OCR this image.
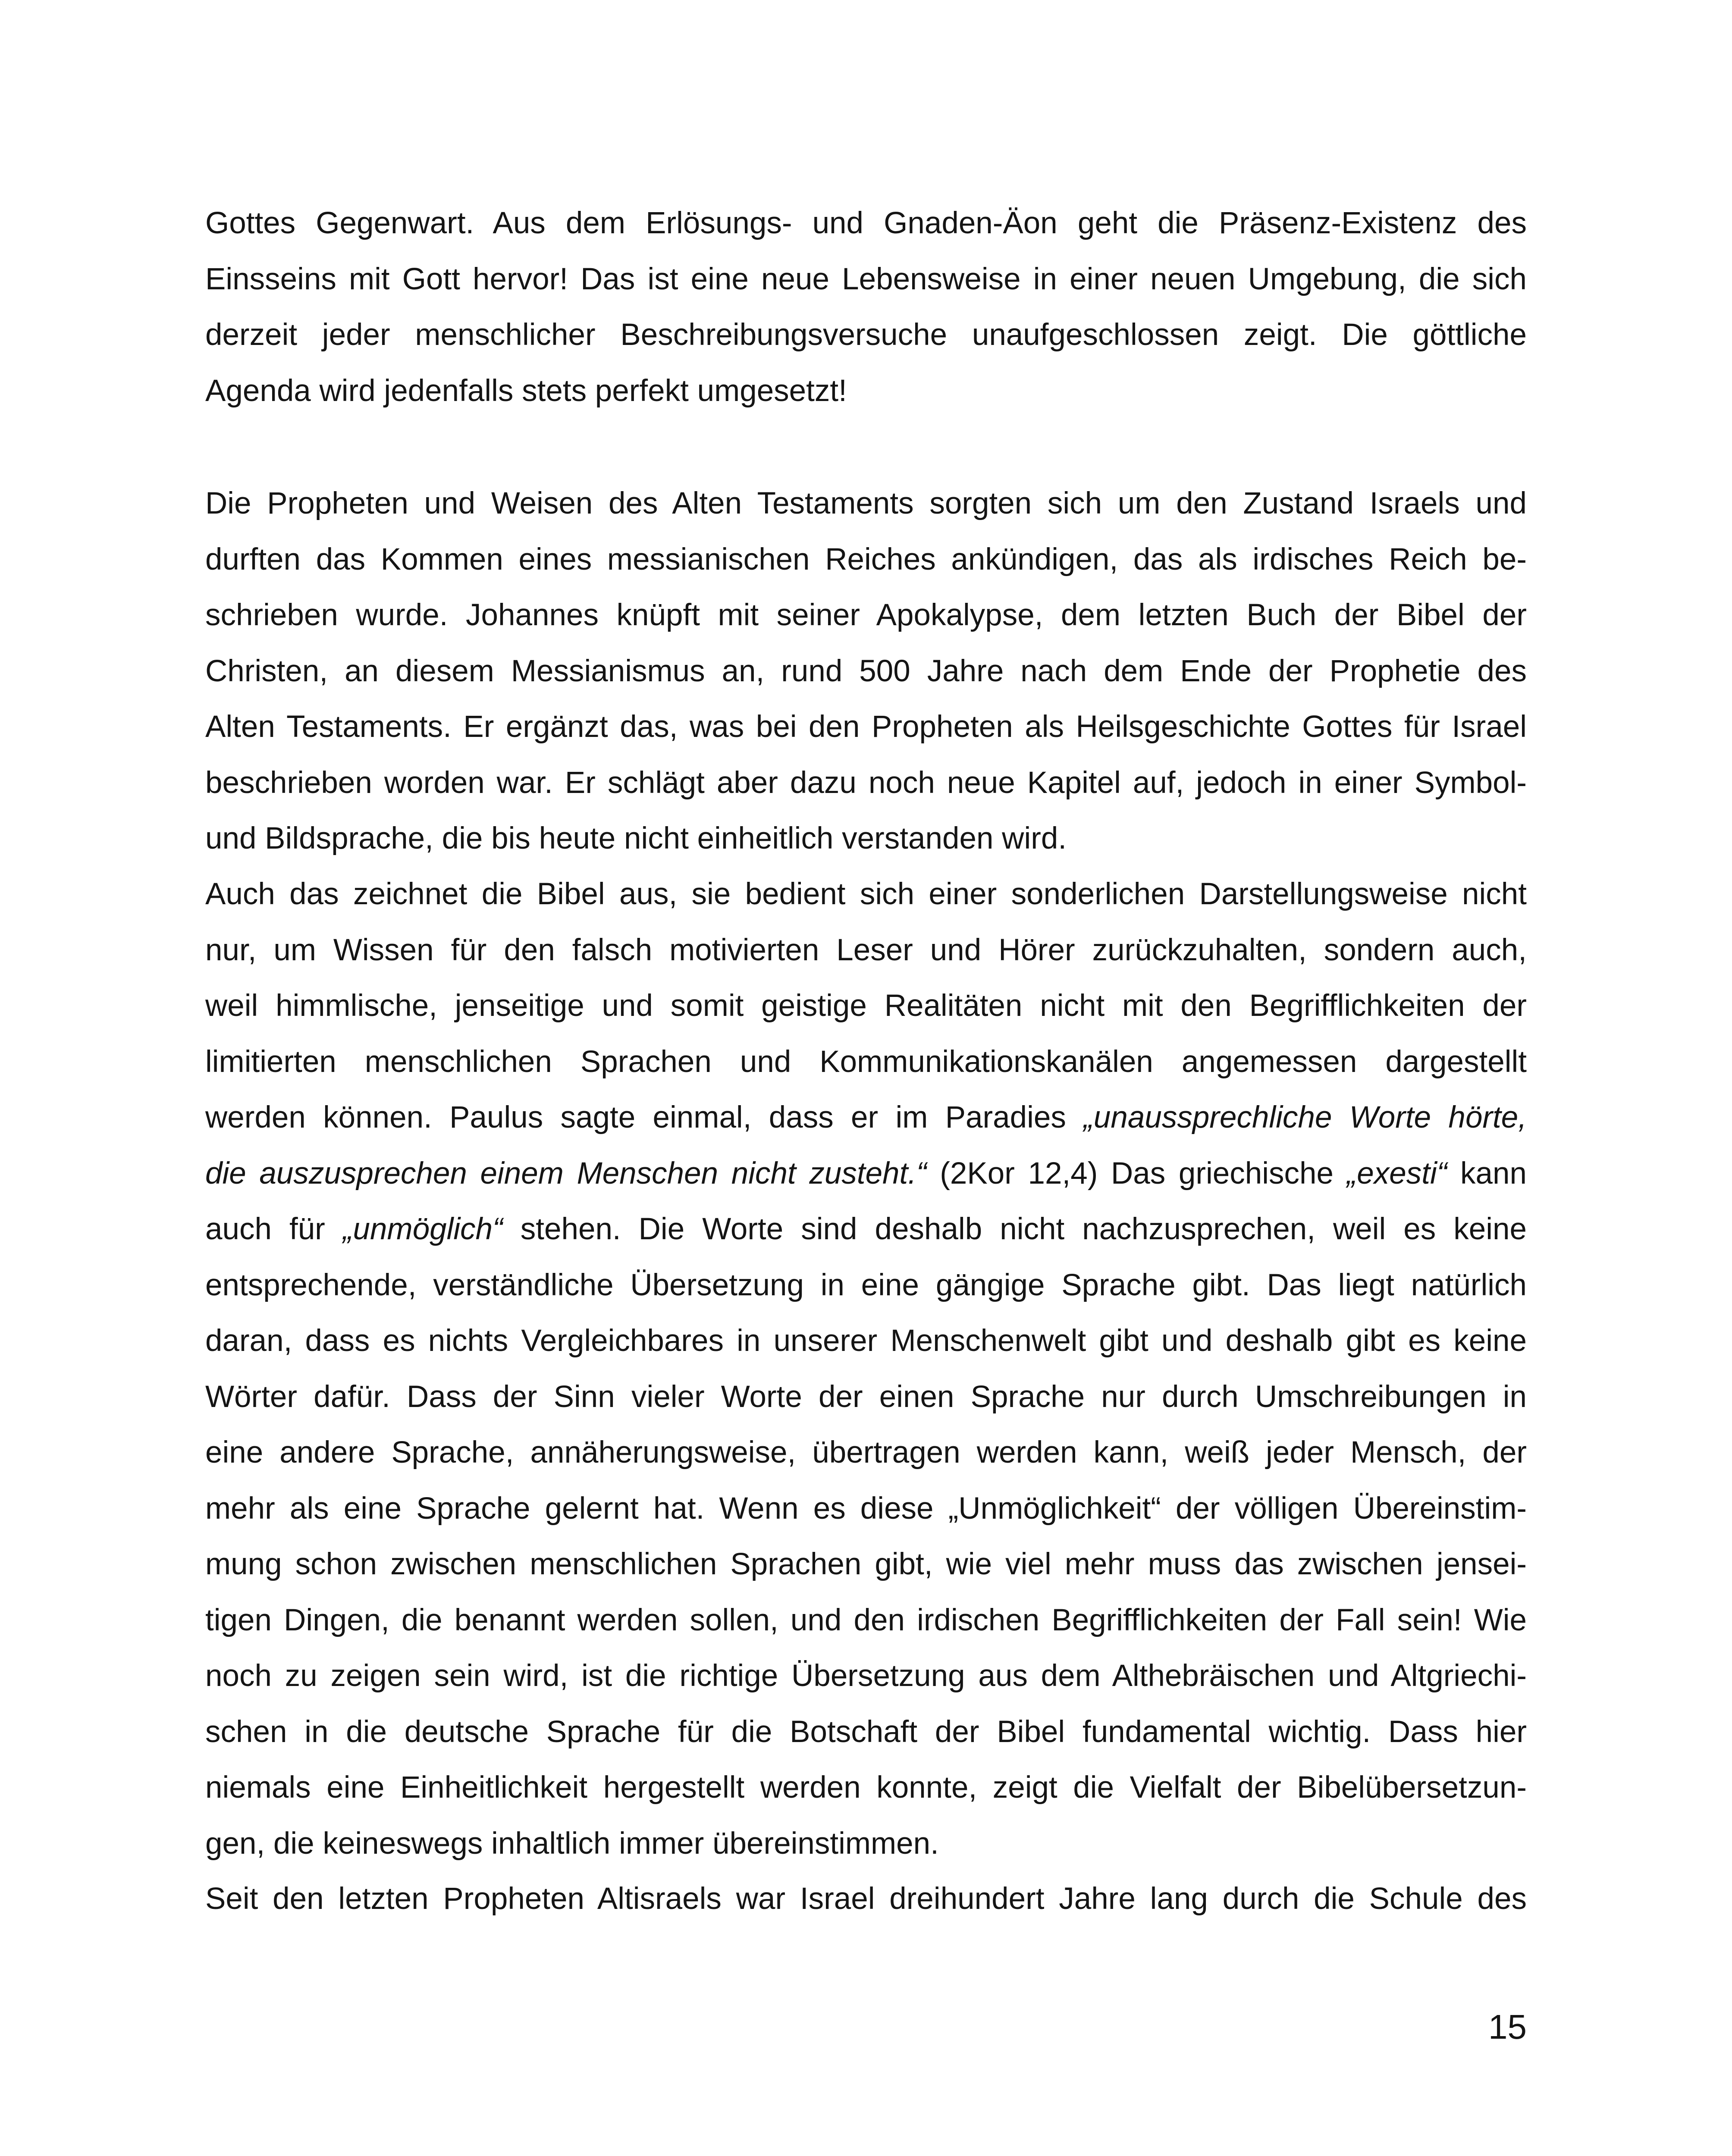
Gottes Gegenwart. Aus dem Erlösungs- und Gnaden-Äon geht die Präsenz-Existenz des
Einsseins mit Gott hervor! Das ist eine neue Lebensweise in einer neuen Umgebung, die sich
derzeit jeder menschlicher Beschreibungsversuche unaufgeschlossen zeigt. Die göttliche
Agenda wird jedenfalls stets perfekt umgesetzt!
Die Propheten und Weisen des Alten Testaments sorgten sich um den Zustand Israels und
durften das Kommen eines messianischen Reiches ankündigen, das als irdisches Reich be-
schrieben wurde. Johannes knüpft mit seiner Apokalypse, dem letzten Buch der Bibel der
Christen, an diesem Messianismus an, rund 500 Jahre nach dem Ende der Prophetie des
Alten Testaments. Er ergänzt das, was bei den Propheten als Heilsgeschichte Gottes für Israel
beschrieben worden war. Er schlägt aber dazu noch neue Kapitel auf, jedoch in einer Symbol-
und Bildsprache, die bis heute nicht einheitlich verstanden wird.
Auch das zeichnet die Bibel aus, sie bedient sich einer sonderlichen Darstellungsweise nicht
nur, um Wissen für den falsch motivierten Leser und Hörer zurückzuhalten, sondern auch,
weil himmlische, jenseitige und somit geistige Realitäten nicht mit den Begrifflichkeiten der
limitierten menschlichen Sprachen und Kommunikationskanälen angemessen dargestellt
werden können. Paulus sagte einmal, dass er im Paradies „unaussprechliche Worte hörte,
die auszusprechen einem Menschen nicht zusteht.“ (2Kor 12,4) Das griechische „exesti“ kann
auch für „unmöglich“ stehen. Die Worte sind deshalb nicht nachzusprechen, weil es keine
entsprechende, verständliche Übersetzung in eine gängige Sprache gibt. Das liegt natürlich
daran, dass es nichts Vergleichbares in unserer Menschenwelt gibt und deshalb gibt es keine
Wörter dafür. Dass der Sinn vieler Worte der einen Sprache nur durch Umschreibungen in
eine andere Sprache, annäherungsweise, übertragen werden kann, weiß jeder Mensch, der
mehr als eine Sprache gelernt hat. Wenn es diese „Unmöglichkeit“ der völligen Übereinstim-
mung schon zwischen menschlichen Sprachen gibt, wie viel mehr muss das zwischen jensei-
tigen Dingen, die benannt werden sollen, und den irdischen Begrifflichkeiten der Fall sein! Wie
noch zu zeigen sein wird, ist die richtige Übersetzung aus dem Althebräischen und Altgriechi-
schen in die deutsche Sprache für die Botschaft der Bibel fundamental wichtig. Dass hier
niemals eine Einheitlichkeit hergestellt werden konnte, zeigt die Vielfalt der Bibelübersetzun-
gen, die keineswegs inhaltlich immer übereinstimmen.
Seit den letzten Propheten Altisraels war Israel dreihundert Jahre lang durch die Schule des
15
